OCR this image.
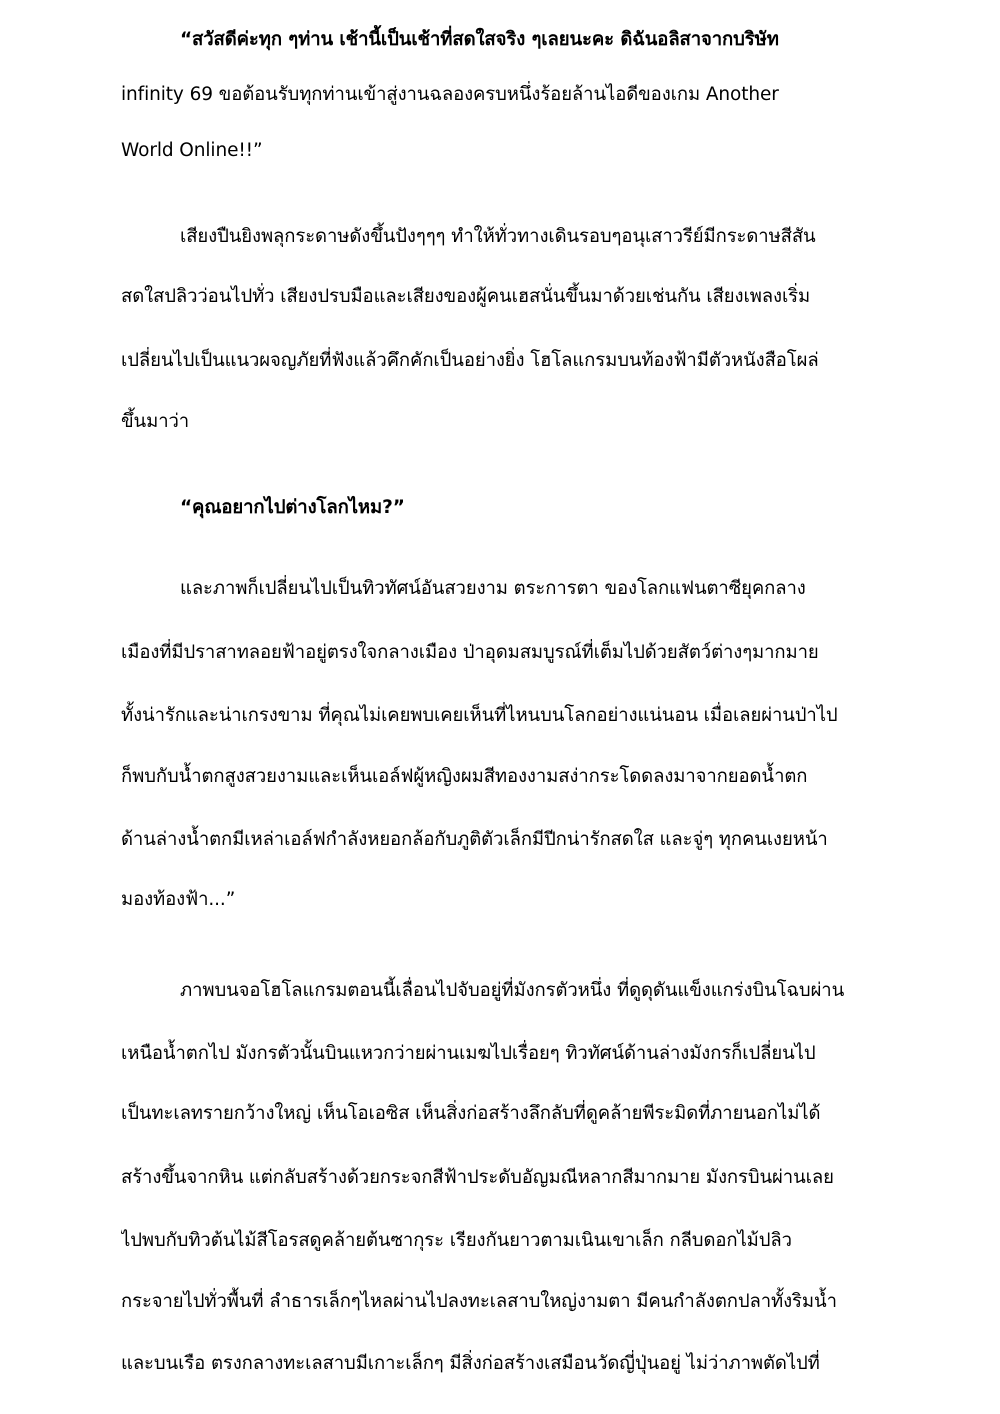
“สวัสดีค่ะทุก ๆท่าน เช้านี้เป็นเช้าที่สดใสจริง ๆเลยนะคะ ดิฉันอลิสาจากบริษัท
infinity 69 ขอต้อนรับทุกท่านเข้าสู่งานฉลองครบหนึ่งร้อยล้านไอดีของเกม Another
World Online!!”
เสียงปืนยิงพลุกระดาษดังขึ้นปังๆๆๆ ทำให้ทั่วทางเดินรอบๆอนุเสาวรีย์มีกระดาษสีสัน
สดใสปลิวว่อนไปทั่ว เสียงปรบมือและเสียงของผู้คนเฮสนั่นขึ้นมาด้วยเช่นกัน เสียงเพลงเริ่ม
เปลี่ยนไปเป็นแนวผจญภัยที่ฟังแล้วคึกคักเป็นอย่างยิ่ง โฮโลแกรมบนท้องฟ้ามีตัวหนังสือโผล่
ขึ้นมาว่า
“คุณอยากไปต่างโลกไหม?”
และภาพก็เปลี่ยนไปเป็นทิวทัศน์อันสวยงาม ตระการตา ของโลกแฟนตาซียุคกลาง
เมืองที่มีปราสาทลอยฟ้าอยู่ตรงใจกลางเมือง ป่าอุดมสมบูรณ์ที่เต็มไปด้วยสัตว์ต่างๆมากมาย
ทั้งน่ารักและน่าเกรงขาม ที่คุณไม่เคยพบเคยเห็นที่ไหนบนโลกอย่างแน่นอน เมื่อเลยผ่านป่าไป
ก็พบกับน้ำตกสูงสวยงามและเห็นเอล์ฟผู้หญิงผมสีทองงามสง่ากระโดดลงมาจากยอดน้ำตก
ด้านล่างน้ำตกมีเหล่าเอล์ฟกำลังหยอกล้อกับภูติตัวเล็กมีปีกน่ารักสดใส และจู่ๆ ทุกคนเงยหน้า
มองท้องฟ้า...”
ภาพบนจอโฮโลแกรมตอนนี้เลื่อนไปจับอยู่ที่มังกรตัวหนึ่ง ที่ดูดุดันแข็งแกร่งบินโฉบผ่าน
เหนือน้ำตกไป มังกรตัวนั้นบินแหวกว่ายผ่านเมฆไปเรื่อยๆ ทิวทัศน์ด้านล่างมังกรก็เปลี่ยนไป
เป็นทะเลทรายกว้างใหญ่ เห็นโอเอซิส เห็นสิ่งก่อสร้างลึกลับที่ดูคล้ายพีระมิดที่ภายนอกไม่ได้
สร้างขึ้นจากหิน แต่กลับสร้างด้วยกระจกสีฟ้าประดับอัญมณีหลากสีมากมาย มังกรบินผ่านเลย
ไปพบกับทิวต้นไม้สีโอรสดูคล้ายต้นซากุระ เรียงกันยาวตามเนินเขาเล็ก กลีบดอกไม้ปลิว
กระจายไปทั่วพื้นที่ ลำธารเล็กๆไหลผ่านไปลงทะเลสาบใหญ่งามตา มีคนกำลังตกปลาทั้งริมน้ำ
และบนเรือ ตรงกลางทะเลสาบมีเกาะเล็กๆ มีสิ่งก่อสร้างเสมือนวัดญี่ปุ่นอยู่ ไม่ว่าภาพตัดไปที่
